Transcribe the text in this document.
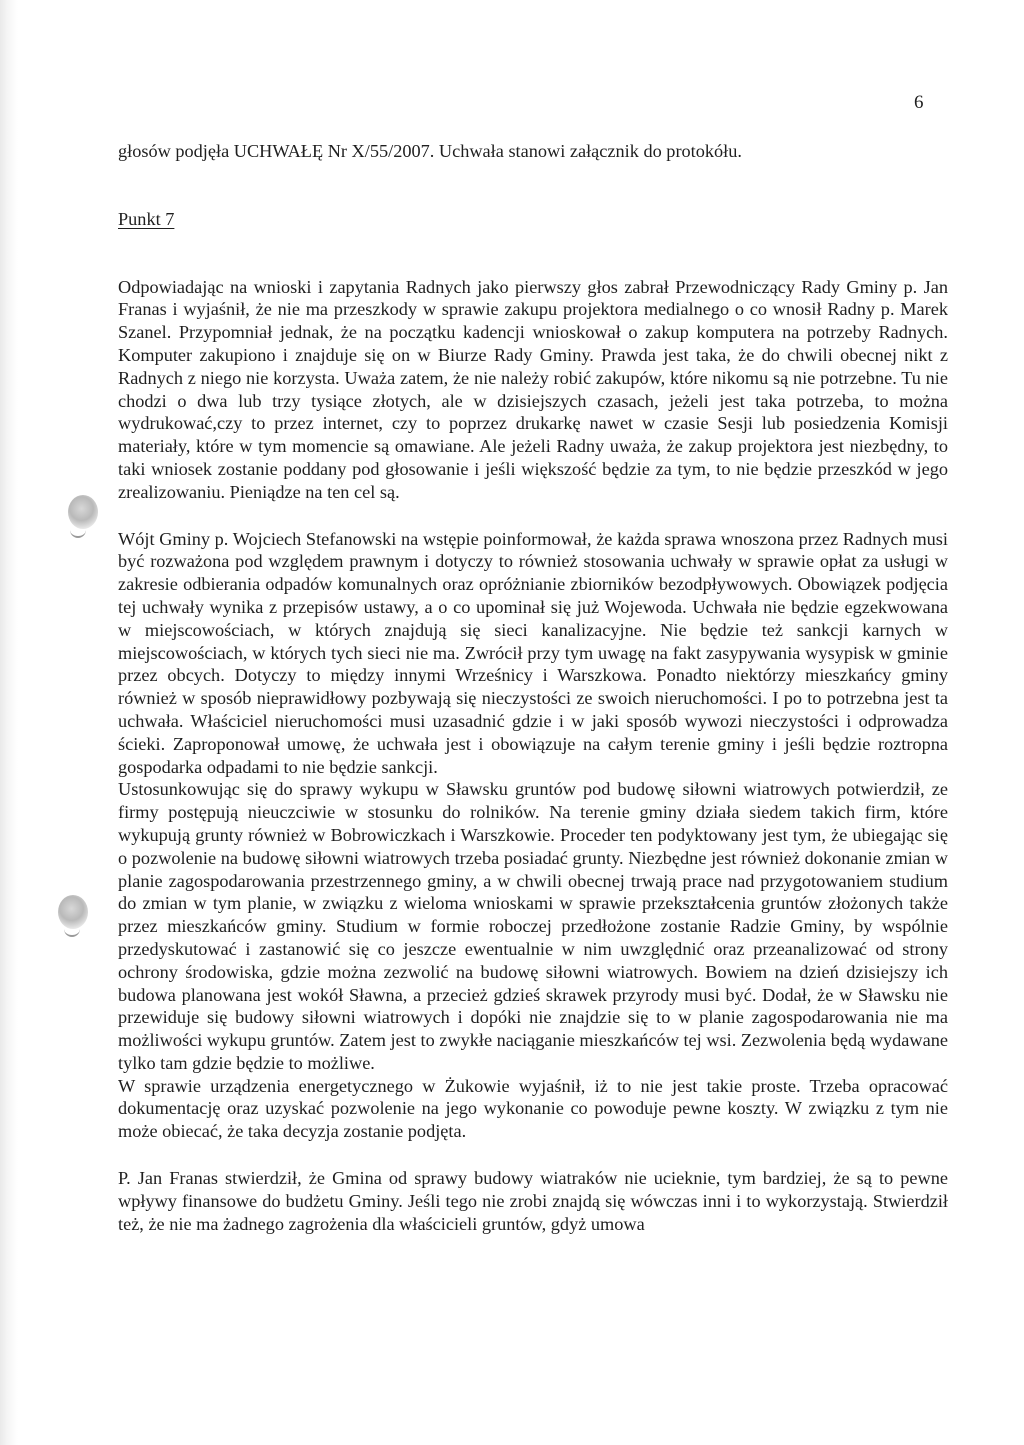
6

głosów podjęła UCHWAŁĘ Nr X/55/2007. Uchwała stanowi załącznik do protokółu.

Punkt 7

Odpowiadając na wnioski i zapytania Radnych jako pierwszy głos zabrał Przewodniczący Rady Gminy p. Jan Franas i wyjaśnił, że nie ma przeszkody w sprawie zakupu projektora medialnego o co wnosił Radny p. Marek Szanel. Przypomniał jednak, że na początku kadencji wnioskował o zakup komputera na potrzeby Radnych. Komputer zakupiono i znajduje się on w Biurze Rady Gminy. Prawda jest taka, że do chwili obecnej nikt z Radnych z niego nie korzysta. Uważa zatem, że nie należy robić zakupów, które nikomu są nie potrzebne. Tu nie chodzi o dwa lub trzy tysiące złotych, ale w dzisiejszych czasach, jeżeli jest taka potrzeba, to można wydrukować,czy to przez internet, czy to poprzez drukarkę nawet w czasie Sesji lub posiedzenia Komisji materiały, które w tym momencie są omawiane. Ale jeżeli Radny uważa, że zakup projektora jest niezbędny, to taki wniosek zostanie poddany pod głosowanie i jeśli większość będzie za tym, to nie będzie przeszkód w jego zrealizowaniu. Pieniądze na ten cel są.

Wójt Gminy p. Wojciech Stefanowski na wstępie poinformował, że każda sprawa wnoszona przez Radnych musi być rozważona pod względem prawnym i dotyczy to również stosowania uchwały w sprawie opłat za usługi w zakresie odbierania odpadów komunalnych oraz opróżnianie zbiorników bezodpływowych. Obowiązek podjęcia tej uchwały wynika z przepisów ustawy, a o co upominał się już Wojewoda. Uchwała nie będzie egzekwowana w miejscowościach, w których znajdują się sieci kanalizacyjne. Nie będzie też sankcji karnych w miejscowościach, w których tych sieci nie ma. Zwrócił przy tym uwagę na fakt zasypywania wysypisk w gminie przez obcych. Dotyczy to między innymi Wrześnicy i Warszkowa. Ponadto niektórzy mieszkańcy gminy również w sposób nieprawidłowy pozbywają się nieczystości ze swoich nieruchomości. I po to potrzebna jest ta uchwała. Właściciel nieruchomości musi uzasadnić gdzie i w jaki sposób wywozi nieczystości i odprowadza ścieki. Zaproponował umowę, że uchwała jest i obowiązuje na całym terenie gminy i jeśli będzie roztropna gospodarka odpadami to nie będzie sankcji.

Ustosunkowując się do sprawy wykupu w Sławsku gruntów pod budowę siłowni wiatrowych potwierdził, ze firmy postępują nieuczciwie w stosunku do rolników. Na terenie gminy działa siedem takich firm, które wykupują grunty również w Bobrowiczkach i Warszkowie. Proceder ten podyktowany jest tym, że ubiegając się o pozwolenie na budowę siłowni wiatrowych trzeba posiadać grunty. Niezbędne jest również dokonanie zmian w planie zagospodarowania przestrzennego gminy, a w chwili obecnej trwają prace nad przygotowaniem studium do zmian w tym planie, w związku z wieloma wnioskami w sprawie przekształcenia gruntów złożonych także przez mieszkańców gminy. Studium w formie roboczej przedłożone zostanie Radzie Gminy, by wspólnie przedyskutować i zastanowić się co jeszcze ewentualnie w nim uwzględnić oraz przeanalizować od strony ochrony środowiska, gdzie można zezwolić na budowę siłowni wiatrowych. Bowiem na dzień dzisiejszy ich budowa planowana jest wokół Sławna, a przecież gdzieś skrawek przyrody musi być. Dodał, że w Sławsku nie przewiduje się budowy siłowni wiatrowych i dopóki nie znajdzie się to w planie zagospodarowania nie ma możliwości wykupu gruntów. Zatem jest to zwykłe naciąganie mieszkańców tej wsi. Zezwolenia będą wydawane tylko tam gdzie będzie to możliwe.

W sprawie urządzenia energetycznego w Żukowie wyjaśnił, iż to nie jest takie proste. Trzeba opracować dokumentację oraz uzyskać pozwolenie na jego wykonanie co powoduje pewne koszty. W związku z tym nie może obiecać, że taka decyzja zostanie podjęta.

P. Jan Franas stwierdził, że Gmina od sprawy budowy wiatraków nie ucieknie, tym bardziej, że są to pewne wpływy finansowe do budżetu Gminy. Jeśli tego nie zrobi znajdą się wówczas inni i to wykorzystają. Stwierdził też, że nie ma żadnego zagrożenia dla właścicieli gruntów, gdyż umowa
